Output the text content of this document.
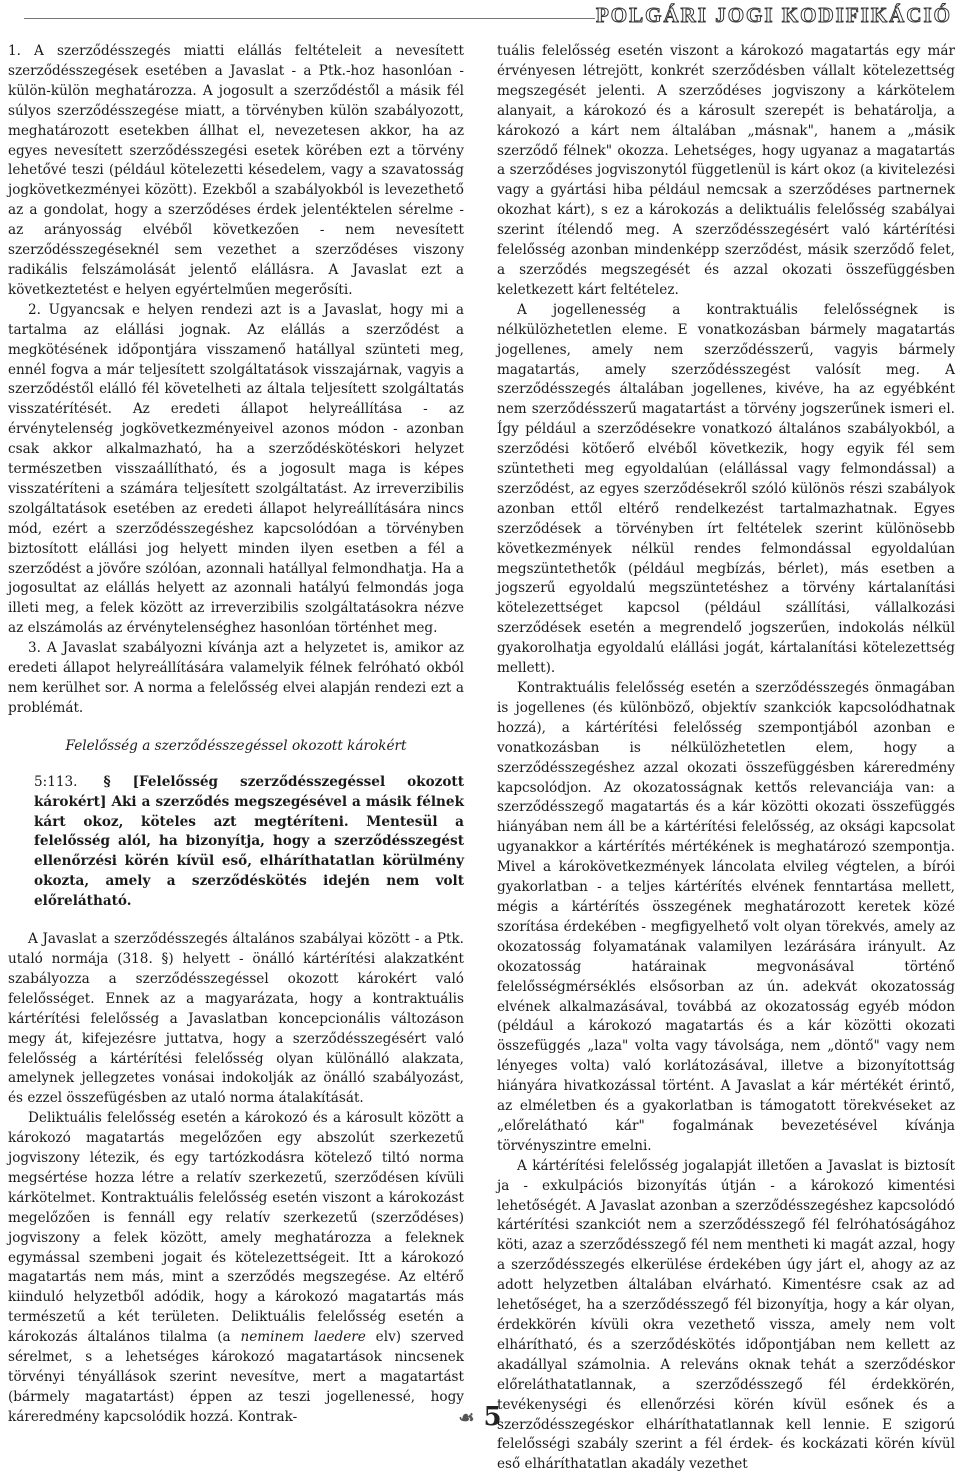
POLGÁRI JOGI KODIFIKÁCIÓ

1. A szerződésszegés miatti elállás feltételeit a nevesített szerződésszegések esetében a Javaslat - a Ptk.-hoz hasonlóan - külön-külön meghatározza. A jogosult a szerződéstől a másik fél súlyos szerződésszegése miatt, a törvényben külön szabályozott, meghatározott esetekben állhat el, nevezetesen akkor, ha az egyes nevesített szerződésszegési esetek körében ezt a törvény lehetővé teszi (például kötelezetti késedelem, vagy a szavatosság jogkövetkezményei között). Ezekből a szabályokból is levezethető az a gondolat, hogy a szerződéses érdek jelentéktelen sérelme - az arányosság elvéből következően - nem nevesített szerződésszegéseknél sem vezethet a szerződéses viszony radikális felszámolását jelentő elállásra. A Javaslat ezt a következtetést e helyen egyértelműen megerősíti.

2. Ugyancsak e helyen rendezi azt is a Javaslat, hogy mi a tartalma az elállási jognak. Az elállás a szerződést a megkötésének időpontjára visszamenő hatállyal szünteti meg, ennél fogva a már teljesített szolgáltatások visszajárnak, vagyis a szerződéstől elálló fél követelheti az általa teljesített szolgáltatás visszatérítését. Az eredeti állapot helyreállítása - az érvénytelenség jogkövetkezményeivel azonos módon - azonban csak akkor alkalmazható, ha a szerződéskötéskori helyzet természetben visszaállítható, és a jogosult maga is képes visszatéríteni a számára teljesített szolgáltatást. Az irreverzibilis szolgáltatások esetében az eredeti állapot helyreállítására nincs mód, ezért a szerződésszegéshez kapcsolódóan a törvényben biztosított elállási jog helyett minden ilyen esetben a fél a szerződést a jövőre szólóan, azonnali hatállyal felmondhatja. Ha a jogosultat az elállás helyett az azonnali hatályú felmondás joga illeti meg, a felek között az irreverzibilis szolgáltatásokra nézve az elszámolás az érvénytelenséghez hasonlóan történhet meg.

3. A Javaslat szabályozni kívánja azt a helyzetet is, amikor az eredeti állapot helyreállítására valamelyik félnek felróható okból nem kerülhet sor. A norma a felelősség elvei alapján rendezi ezt a problémát.

Felelősség a szerződésszegéssel okozott károkért

5:113. § [Felelősség szerződésszegéssel okozott károkért] Aki a szerződés megszegésével a másik félnek kárt okoz, köteles azt megtéríteni. Mentesül a felelősség alól, ha bizonyítja, hogy a szerződésszegést ellenőrzési körén kívül eső, elháríthatatlan körülmény okozta, amely a szerződéskötés idején nem volt előrelátható.

A Javaslat a szerződésszegés általános szabályai között - a Ptk. utaló normája (318. §) helyett - önálló kártérítési alakzatként szabályozza a szerződésszegéssel okozott károkért való felelősséget. Ennek az a magyarázata, hogy a kontraktuális kártérítési felelősség a Javaslatban koncepcionális változáson megy át, kifejezésre juttatva, hogy a szerződésszegésért való felelősség a kártérítési felelősség olyan különálló alakzata, amelynek jellegzetes vonásai indokolják az önálló szabályozást, és ezzel összefügésben az utaló norma átalakítását.

Deliktuális felelősség esetén a károkozó és a károsult között a károkozó magatartás megelőzően egy abszolút szerkezetű jogviszony létezik, és egy tartózkodásra kötelező tiltó norma megsértése hozza létre a relatív szerkezetű, szerződésen kívüli kárkötelmet. Kontraktuális felelősség esetén viszont a károkozást megelőzően is fennáll egy relatív szerkezetű (szerződéses) jogviszony a felek között, amely meghatározza a feleknek egymással szembeni jogait és kötelezettségeit. Itt a károkozó magatartás nem más, mint a szerződés megszegése. Az eltérő kiinduló helyzetből adódik, hogy a károkozó magatartás más természetű a két területen. Deliktuális felelősség esetén a károkozás általános tilalma (a neminem laedere elv) szerved sérelmet, s a lehetséges károkozó magatartások nincsenek törvényi tényállások szerint nevesítve, mert a magatartást (bármely magatartást) éppen az teszi jogellenessé, hogy káreredmény kapcsolódik hozzá. Kontrak-

tuális felelősség esetén viszont a károkozó magatartás egy már érvényesen létrejött, konkrét szerződésben vállalt kötelezettség megszegését jelenti. A szerződéses jogviszony a kárkötelem alanyait, a károkozó és a károsult szerepét is behatárolja, a károkozó a kárt nem általában „másnak", hanem a „másik szerződő félnek" okozza. Lehetséges, hogy ugyanaz a magatartás a szerződéses jogviszonytól függetlenül is kárt okoz (a kivitelezési vagy a gyártási hiba például nemcsak a szerződéses partnernek okozhat kárt), s ez a károkozás a deliktuális felelősség szabályai szerint ítélendő meg. A szerződésszegésért való kártérítési felelősség azonban mindenképp szerződést, másik szerződő felet, a szerződés megszegését és azzal okozati összefüggésben keletkezett kárt feltételez.

A jogellenesség a kontraktuális felelősségnek is nélkülözhetetlen eleme. E vonatkozásban bármely magatartás jogellenes, amely nem szerződésszerű, vagyis bármely magatartás, amely szerződésszegést valósít meg. A szerződésszegés általában jogellenes, kivéve, ha az egyébként nem szerződésszerű magatartást a törvény jogszerűnek ismeri el. Így például a szerződésekre vonatkozó általános szabályokból, a szerződési kötőerő elvéből következik, hogy egyik fél sem szüntetheti meg egyoldalúan (elállással vagy felmondással) a szerződést, az egyes szerződésekről szóló különös részi szabályok azonban ettől eltérő rendelkezést tartalmazhatnak. Egyes szerződések a törvényben írt feltételek szerint különösebb következmények nélkül rendes felmondással egyoldalúan megszüntethetők (például megbízás, bérlet), más esetben a jogszerű egyoldalú megszüntetéshez a törvény kártalanítási kötelezettséget kapcsol (például szállítási, vállalkozási szerződések esetén a megrendelő jogszerűen, indokolás nélkül gyakorolhatja egyoldalú elállási jogát, kártalanítási kötelezettség mellett).

Kontraktuális felelősség esetén a szerződésszegés önmagában is jogellenes (és különböző, objektív szankciók kapcsolódhatnak hozzá), a kártérítési felelősség szempontjából azonban e vonatkozásban is nélkülözhetetlen elem, hogy a szerződésszegéshez azzal okozati összefüggésben káreredmény kapcsolódjon. Az okozatosságnak kettős relevanciája van: a szerződésszegő magatartás és a kár közötti okozati összefüggés hiányában nem áll be a kártérítési felelősség, az oksági kapcsolat ugyanakkor a kártérítés mértékének is meghatározó szempontja. Mivel a károkövetkezmények láncolata elvileg végtelen, a bírói gyakorlatban - a teljes kártérítés elvének fenntartása mellett, mégis a kártérítés összegének meghatározott keretek közé szorítása érdekében - megfigyelhető volt olyan törekvés, amely az okozatosság folyamatának valamilyen lezárására irányult. Az okozatosság határainak megvonásával történő felelősségmérséklés elsősorban az ún. adekvát okozatosság elvének alkalmazásával, továbbá az okozatosság egyéb módon (például a károkozó magatartás és a kár közötti okozati összefüggés „laza" volta vagy távolsága, nem „döntő" vagy nem lényeges volta) való korlátozásával, illetve a bizonyítottság hiányára hivatkozással történt. A Javaslat a kár mértékét érintő, az elméletben és a gyakorlatban is támogatott törekvéseket az „előrelátható kár" fogalmának bevezetésével kívánja törvényszintre emelni.

A kártérítési felelősség jogalapját illetően a Javaslat is biztosít ja - exkulpációs bizonyítás útján - a károkozó kimentési lehetőségét. A Javaslat azonban a szerződésszegéshez kapcsolódó kártérítési szankciót nem a szerződésszegő fél felróhatóságához köti, azaz a szerződésszegő fél nem mentheti ki magát azzal, hogy a szerződésszegés elkerülése érdekében úgy járt el, ahogy az az adott helyzetben általában elvárható. Kimentésre csak az ad lehetőséget, ha a szerződésszegő fél bizonyítja, hogy a kár olyan, érdekkörén kívüli okra vezethető vissza, amely nem volt elhárítható, és a szerződéskötés időpontjában nem kellett az akadállyal számolnia. A releváns oknak tehát a szerződéskor előreláthatatlannak, a szerződésszegő fél érdekkörén, tevékenységi és ellenőrzési körén kívül esőnek és a szerződésszegéskor elháríthatatlannak kell lennie. E szigorú felelősségi szabály szerint a fél érdek- és kockázati körén kívül eső elháríthatatlan akadály vezethet

☙ 5
